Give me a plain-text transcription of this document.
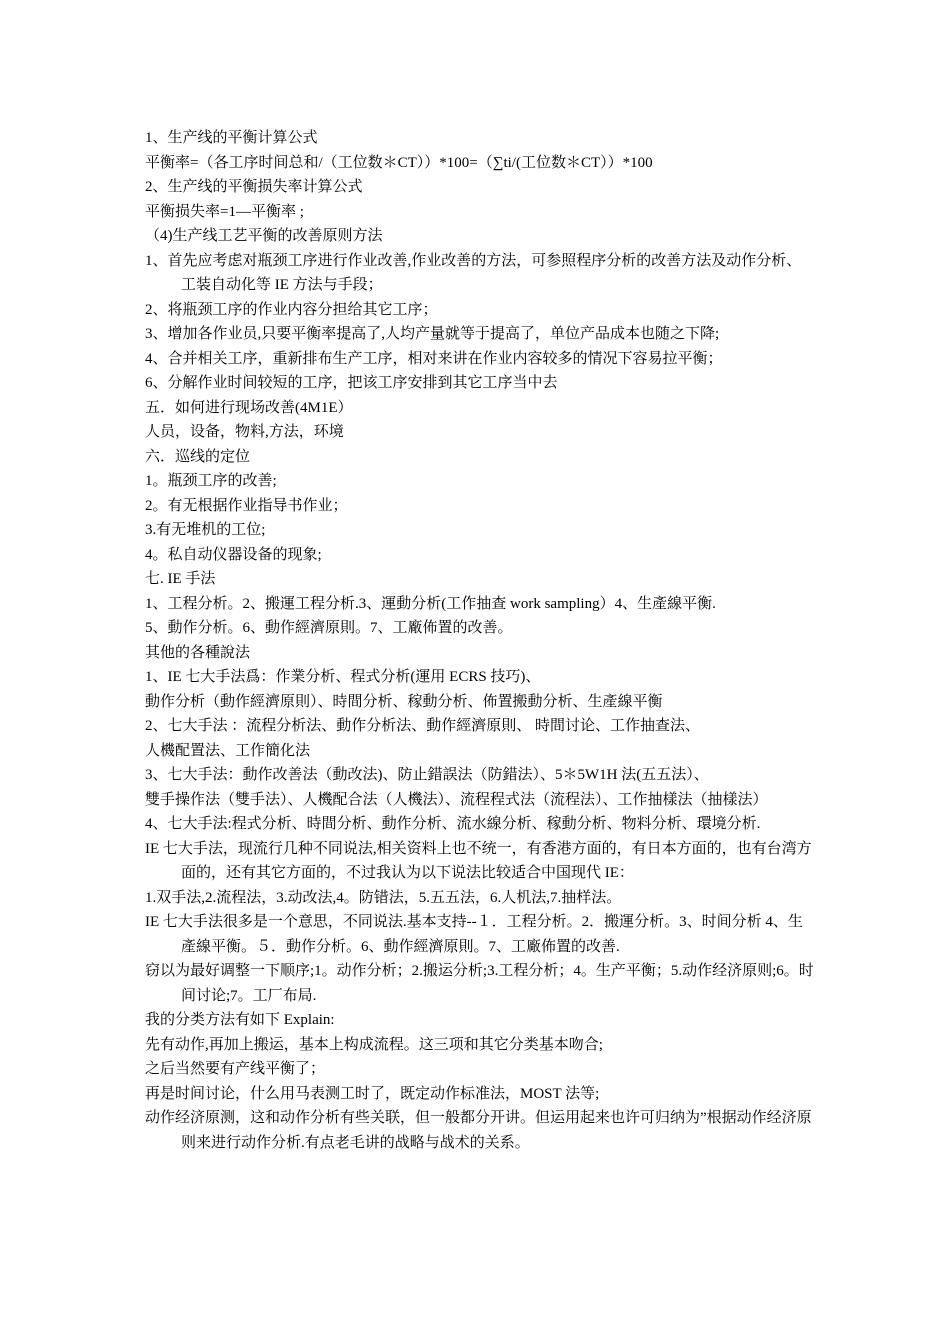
1、生产线的平衡计算公式

平衡率=（各工序时间总和/（工位数＊CT））*100=（∑ti/(工位数＊CT））*100

2、生产线的平衡损失率计算公式

平衡损失率=1—平衡率 ;

（4)生产线工艺平衡的改善原则方法

1、首先应考虑对瓶颈工序进行作业改善,作业改善的方法，可参照程序分析的改善方法及动作分析、工装自动化等 IE 方法与手段；

2、将瓶颈工序的作业内容分担给其它工序；

3、增加各作业员,只要平衡率提高了,人均产量就等于提高了，单位产品成本也随之下降;

4、合并相关工序，重新排布生产工序，相对来讲在作业内容较多的情况下容易拉平衡；

6、分解作业时间较短的工序，把该工序安排到其它工序当中去

五．如何进行现场改善(4M1E）

人员，设备，物料,方法，环境

六．巡线的定位

1。瓶颈工序的改善;

2。有无根据作业指导书作业；

3.有无堆机的工位;

4。私自动仪器设备的现象;

七. IE 手法

1、工程分析。2、搬運工程分析.3、運動分析(工作抽查 work sampling）4、生產線平衡.

5、動作分析。6、動作經濟原則。7、工廠佈置的改善。

其他的各種說法

1、IE 七大手法爲：作業分析、程式分析(運用 ECRS 技巧)、

動作分析（動作經濟原則）、時間分析、稼動分析、佈置搬動分析、生產線平衡

2、七大手法 ：流程分析法、動作分析法、動作經濟原則、 時間讨论、工作抽查法、

人機配置法、工作簡化法

3、七大手法：動作改善法（動改法)、防止錯誤法（防錯法）、5＊5W1H 法(五五法）、

雙手操作法（雙手法）、人機配合法（人機法）、流程程式法（流程法）、工作抽樣法（抽樣法）

4、七大手法:程式分析、時間分析、動作分析、流水線分析、稼動分析、物料分析、環境分析.

IE 七大手法，现流行几种不同说法,相关资料上也不统一，有香港方面的，有日本方面的，也有台湾方面的，还有其它方面的，不过我认为以下说法比较适合中国现代 IE：

1.双手法,2.流程法，3.动改法,4。防错法，5.五五法，6.人机法,7.抽样法。

IE 七大手法很多是一个意思，不同说法.基本支持--１．工程分析。2．搬運分析。3、时间分析 4、生產線平衡。５．動作分析。6、動作經濟原則。7、工廠佈置的改善.

窃以为最好调整一下顺序;1。动作分析；2.搬运分析;3.工程分析；4。生产平衡；5.动作经济原则;6。时间讨论;7。工厂布局.

我的分类方法有如下 Explain:

先有动作,再加上搬运，基本上构成流程。这三项和其它分类基本吻合;

之后当然要有产线平衡了；

再是时间讨论，什么用马表测工时了，既定动作标准法，MOST 法等;

动作经济原测，这和动作分析有些关联，但一般都分开讲。但运用起来也许可归纳为”根据动作经济原则来进行动作分析.有点老毛讲的战略与战术的关系。
